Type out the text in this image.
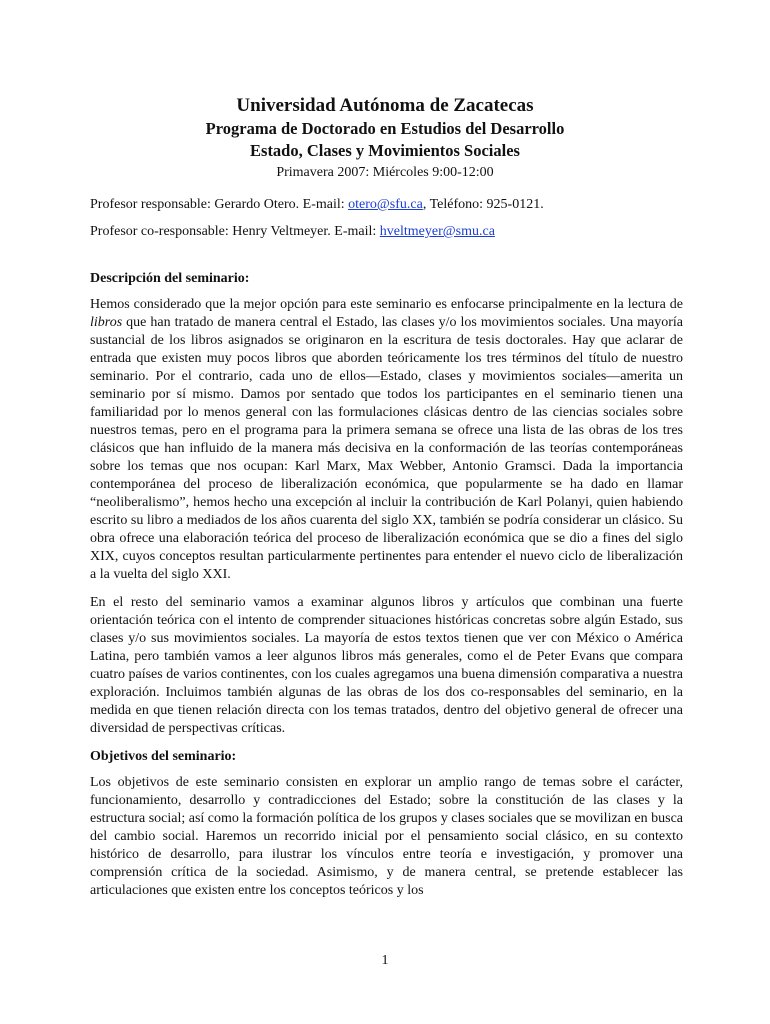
Universidad Autónoma de Zacatecas
Programa de Doctorado en Estudios del Desarrollo
Estado, Clases y Movimientos Sociales
Primavera 2007: Miércoles 9:00-12:00
Profesor responsable: Gerardo Otero. E-mail: otero@sfu.ca, Teléfono: 925-0121.
Profesor co-responsable: Henry Veltmeyer. E-mail: hveltmeyer@smu.ca
Descripción del seminario:

Hemos considerado que la mejor opción para este seminario es enfocarse principalmente en la lectura de libros que han tratado de manera central el Estado, las clases y/o los movimientos sociales. Una mayoría sustancial de los libros asignados se originaron en la escritura de tesis doctorales. Hay que aclarar de entrada que existen muy pocos libros que aborden teóricamente los tres términos del título de nuestro seminario. Por el contrario, cada uno de ellos—Estado, clases y movimientos sociales—amerita un seminario por sí mismo. Damos por sentado que todos los participantes en el seminario tienen una familiaridad por lo menos general con las formulaciones clásicas dentro de las ciencias sociales sobre nuestros temas, pero en el programa para la primera semana se ofrece una lista de las obras de los tres clásicos que han influido de la manera más decisiva en la conformación de las teorías contemporáneas sobre los temas que nos ocupan: Karl Marx, Max Webber, Antonio Gramsci. Dada la importancia contemporánea del proceso de liberalización económica, que popularmente se ha dado en llamar “neoliberalismo”, hemos hecho una excepción al incluir la contribución de Karl Polanyi, quien habiendo escrito su libro a mediados de los años cuarenta del siglo XX, también se podría considerar un clásico. Su obra ofrece una elaboración teórica del proceso de liberalización económica que se dio a fines del siglo XIX, cuyos conceptos resultan particularmente pertinentes para entender el nuevo ciclo de liberalización a la vuelta del siglo XXI.

En el resto del seminario vamos a examinar algunos libros y artículos que combinan una fuerte orientación teórica con el intento de comprender situaciones históricas concretas sobre algún Estado, sus clases y/o sus movimientos sociales. La mayoría de estos textos tienen que ver con México o América Latina, pero también vamos a leer algunos libros más generales, como el de Peter Evans que compara cuatro países de varios continentes, con los cuales agregamos una buena dimensión comparativa a nuestra exploración. Incluimos también algunas de las obras de los dos co-responsables del seminario, en la medida en que tienen relación directa con los temas tratados, dentro del objetivo general de ofrecer una diversidad de perspectivas críticas.

Objetivos del seminario:

Los objetivos de este seminario consisten en explorar un amplio rango de temas sobre el carácter, funcionamiento, desarrollo y contradicciones del Estado; sobre la constitución de las clases y la estructura social; así como la formación política de los grupos y clases sociales que se movilizan en busca del cambio social. Haremos un recorrido inicial por el pensamiento social clásico, en su contexto histórico de desarrollo, para ilustrar los vínculos entre teoría e investigación, y promover una comprensión crítica de la sociedad. Asimismo, y de manera central, se pretende establecer las articulaciones que existen entre los conceptos teóricos y los

1
